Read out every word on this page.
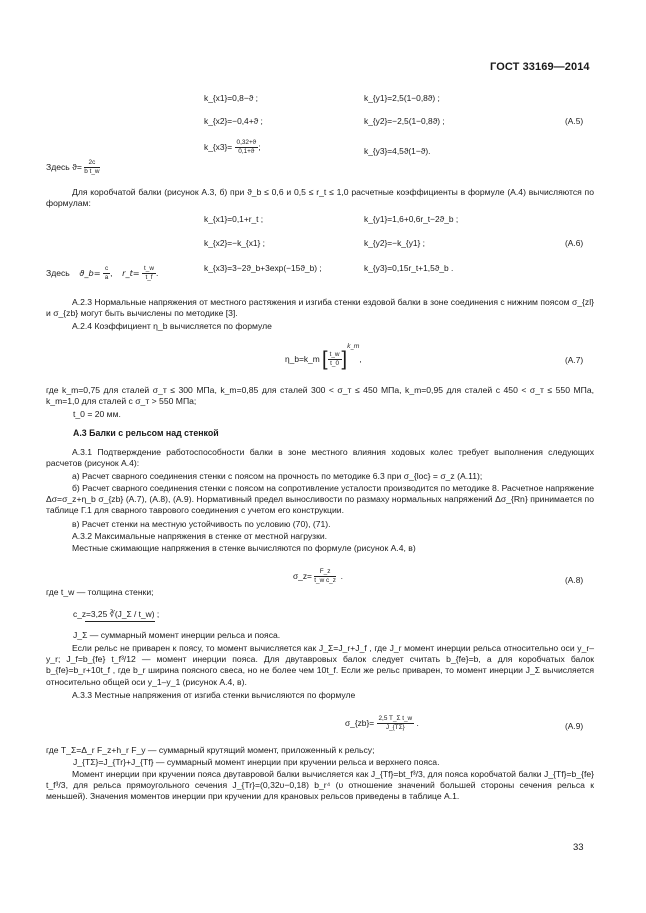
ГОСТ 33169—2014
k_{x1}=0,8−ϑ ;	k_{y1}=2,5(1−0,8ϑ) ;
k_{x2}=−0,4+ϑ ;	k_{y2}=−2,5(1−0,8ϑ) ;	(А.5)
k_{x3}= $\frac{0,32+ϑ}{0,1+ϑ}$ ;	k_{y3}=4,5ϑ(1−ϑ).
Здесь $ϑ= \frac{2c}{\text{b t\_w}}$
Для коробчатой балки (рисунок А.3, б) при ϑ_b ≤ 0,6 и 0,5 ≤ r_t ≤ 1,0 расчетные коэффициенты в формуле (А.4) вычисляются по формулам:
k_{x1}=0,1+r_t ;	k_{y1}=1,6+0,6r_t−2ϑ_b ;
k_{x2}=−k_{x1} ;	k_{y2}=−k_{y1} ;	(А.6)
k_{x3}=3−2ϑ_b+3exp(−15ϑ_b) ;	k_{y3}=0,15r_t+1,5ϑ_b .
Здесь ϑ_b= $\frac{c}{a}$ ,    r_t= $\frac{t\_w}{t\_f}$ .
А.2.3 Нормальные напряжения от местного растяжения и изгиба стенки ездовой балки в зоне соединения с нижним поясом σ_{zl} и σ_{zb} могут быть вычислены по методике [3].
А.2.4 Коэффициент η_b вычисляется по формуле
η_b=k_m [ $\frac{t\_w}{t\_0} ]^{k\_m}$,	(А.7)
где k_m=0,75 для сталей σ_т ≤ 300 МПа, k_m=0,85 для сталей 300 < σ_т ≤ 450 МПа, k_m=0,95 для сталей с 450 < σ_т ≤ 550 МПа, k_m=1,0 для сталей с σ_т > 550 МПа;
t_0 = 20 мм.
А.3 Балки с рельсом над стенкой
А.3.1 Подтверждение работоспособности балки в зоне местного влияния ходовых колес требует выполнения следующих расчетов (рисунок А.4):
а) Расчет сварного соединения стенки с поясом на прочность по методике 6.3 при σ_{loc} = σ_z (А.11);
б) Расчет сварного соединения стенки с поясом на сопротивление усталости производится по методике 8. Расчетное напряжение Δσ=σ_z+η_b σ_{zb} (А.7), (А.8), (А.9). Нормативный предел выносливости по размаху нормальных напряжений Δσ_{Rn} принимается по таблице Г.1 для сварного таврового соединения с учетом его конструкции.
в) Расчет стенки на местную устойчивость по условию (70), (71).
А.3.2 Максимальные напряжения в стенке от местной нагрузки.
Местные сжимающие напряжения в стенке вычисляются по формуле (рисунок А.4, в)
σ_z= $\frac{F\_z}{\text{t\_w c\_z}}$ .	(А.8)
где t_w — толщина стенки;
c_z=3,25 ∛(J_Σ / t_w) ;
J_Σ — суммарный момент инерции рельса и пояса.
Если рельс не приварен к поясу, то момент вычисляется как J_Σ=J_r+J_f , где J_r момент инерции рельса относительно оси y_r–y_r; J_f=b_{fe} t_f³/12 — момент инерции пояса. Для двутавровых балок следует считать b_{fe}=b, а для коробчатых балок b_{fe}=b_r+10t_f , где b_r ширина поясного свеса, но не более чем 10t_f. Если же рельс приварен, то момент инерции J_Σ вычисляется относительно общей оси y_1–y_1 (рисунок А.4, в).
А.3.3 Местные напряжения от изгиба стенки вычисляются по формуле
σ_{zb}= $\frac{\text{2,5 T\_Σ t\_w}}{J\_\{T\Sigma\}}$ .	(А.9)
где T_Σ=Δ_r F_z+h_r F_y — суммарный крутящий момент, приложенный к рельсу;
J_{TΣ}=J_{Tr}+J_{Tf} — суммарный момент инерции при кручении рельса и верхнего пояса.
Момент инерции при кручении пояса двутавровой балки вычисляется как J_{Tf}=bt_f³/3, для пояса коробчатой балки J_{Tf}=b_{fe} t_f³/3, для рельса прямоугольного сечения J_{Tr}=(0,32υ−0,18) b_r⁴ (υ отношение значений большей стороны сечения рельса к меньшей). Значения моментов инерции при кручении для крановых рельсов приведены в таблице А.1.
33
